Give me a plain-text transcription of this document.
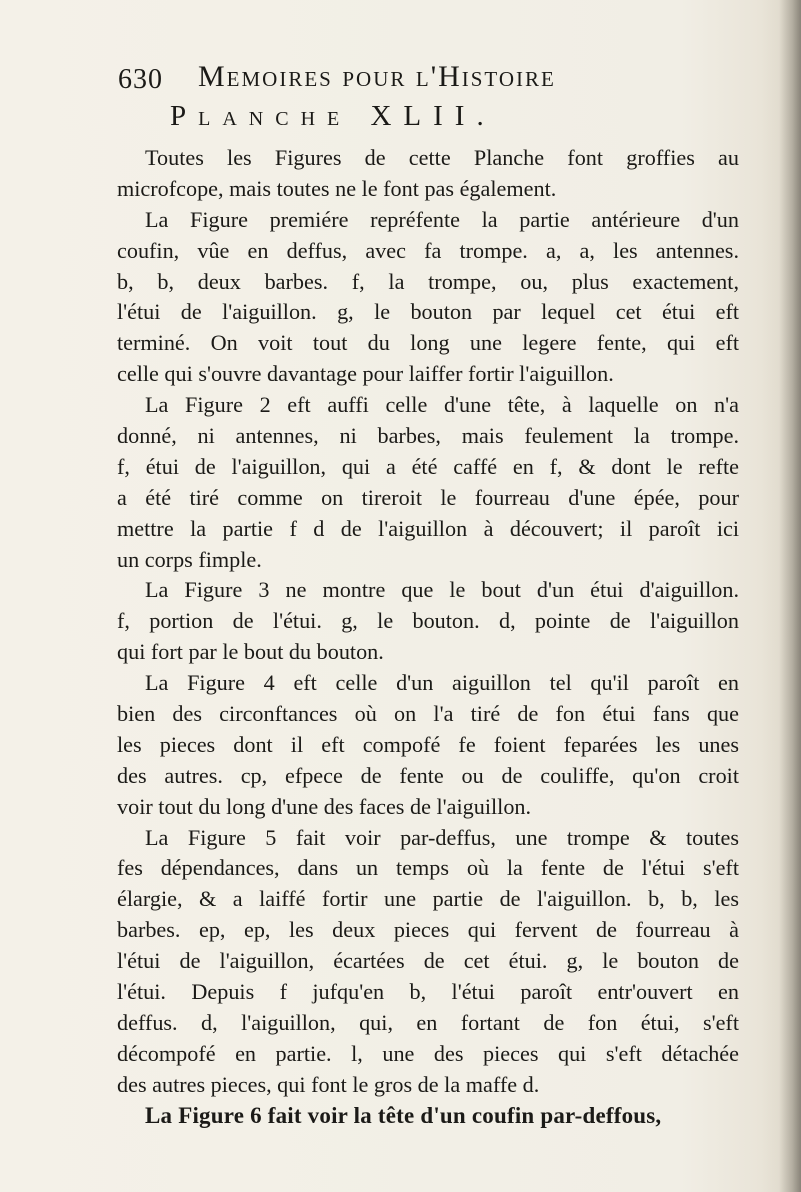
630 Memoires pour l'Histoire
Planche XLII.
Toutes les Figures de cette Planche font groffies au
microfcope, mais toutes ne le font pas également.
La Figure premiére repréfente la partie antérieure d'un
coufin, vûe en deffus, avec fa trompe. a, a, les antennes.
b, b, deux barbes. f, la trompe, ou, plus exactement,
l'étui de l'aiguillon. g, le bouton par lequel cet étui eft
terminé. On voit tout du long une legere fente, qui eft
celle qui s'ouvre davantage pour laiffer fortir l'aiguillon.
La Figure 2 eft auffi celle d'une tête, à laquelle on n'a
donné, ni antennes, ni barbes, mais feulement la trompe.
f, étui de l'aiguillon, qui a été caffé en f, & dont le refte
a été tiré comme on tireroit le fourreau d'une épée, pour
mettre la partie f d de l'aiguillon à découvert; il paroît ici
un corps fimple.
La Figure 3 ne montre que le bout d'un étui d'aiguillon.
f, portion de l'étui. g, le bouton. d, pointe de l'aiguillon
qui fort par le bout du bouton.
La Figure 4 eft celle d'un aiguillon tel qu'il paroît en
bien des circonftances où on l'a tiré de fon étui fans que
les pieces dont il eft compofé fe foient feparées les unes
des autres. cp, efpece de fente ou de couliffe, qu'on croit
voir tout du long d'une des faces de l'aiguillon.
La Figure 5 fait voir par-deffus, une trompe & toutes
fes dépendances, dans un temps où la fente de l'étui s'eft
élargie, & a laiffé fortir une partie de l'aiguillon. b, b, les
barbes. ep, ep, les deux pieces qui fervent de fourreau à
l'étui de l'aiguillon, écartées de cet étui. g, le bouton de
l'étui. Depuis f jufqu'en b, l'étui paroît entr'ouvert en
deffus. d, l'aiguillon, qui, en fortant de fon étui, s'eft
décompofé en partie. l, une des pieces qui s'eft détachée
des autres pieces, qui font le gros de la maffe d.
La Figure 6 fait voir la tête d'un coufin par-deffous,
